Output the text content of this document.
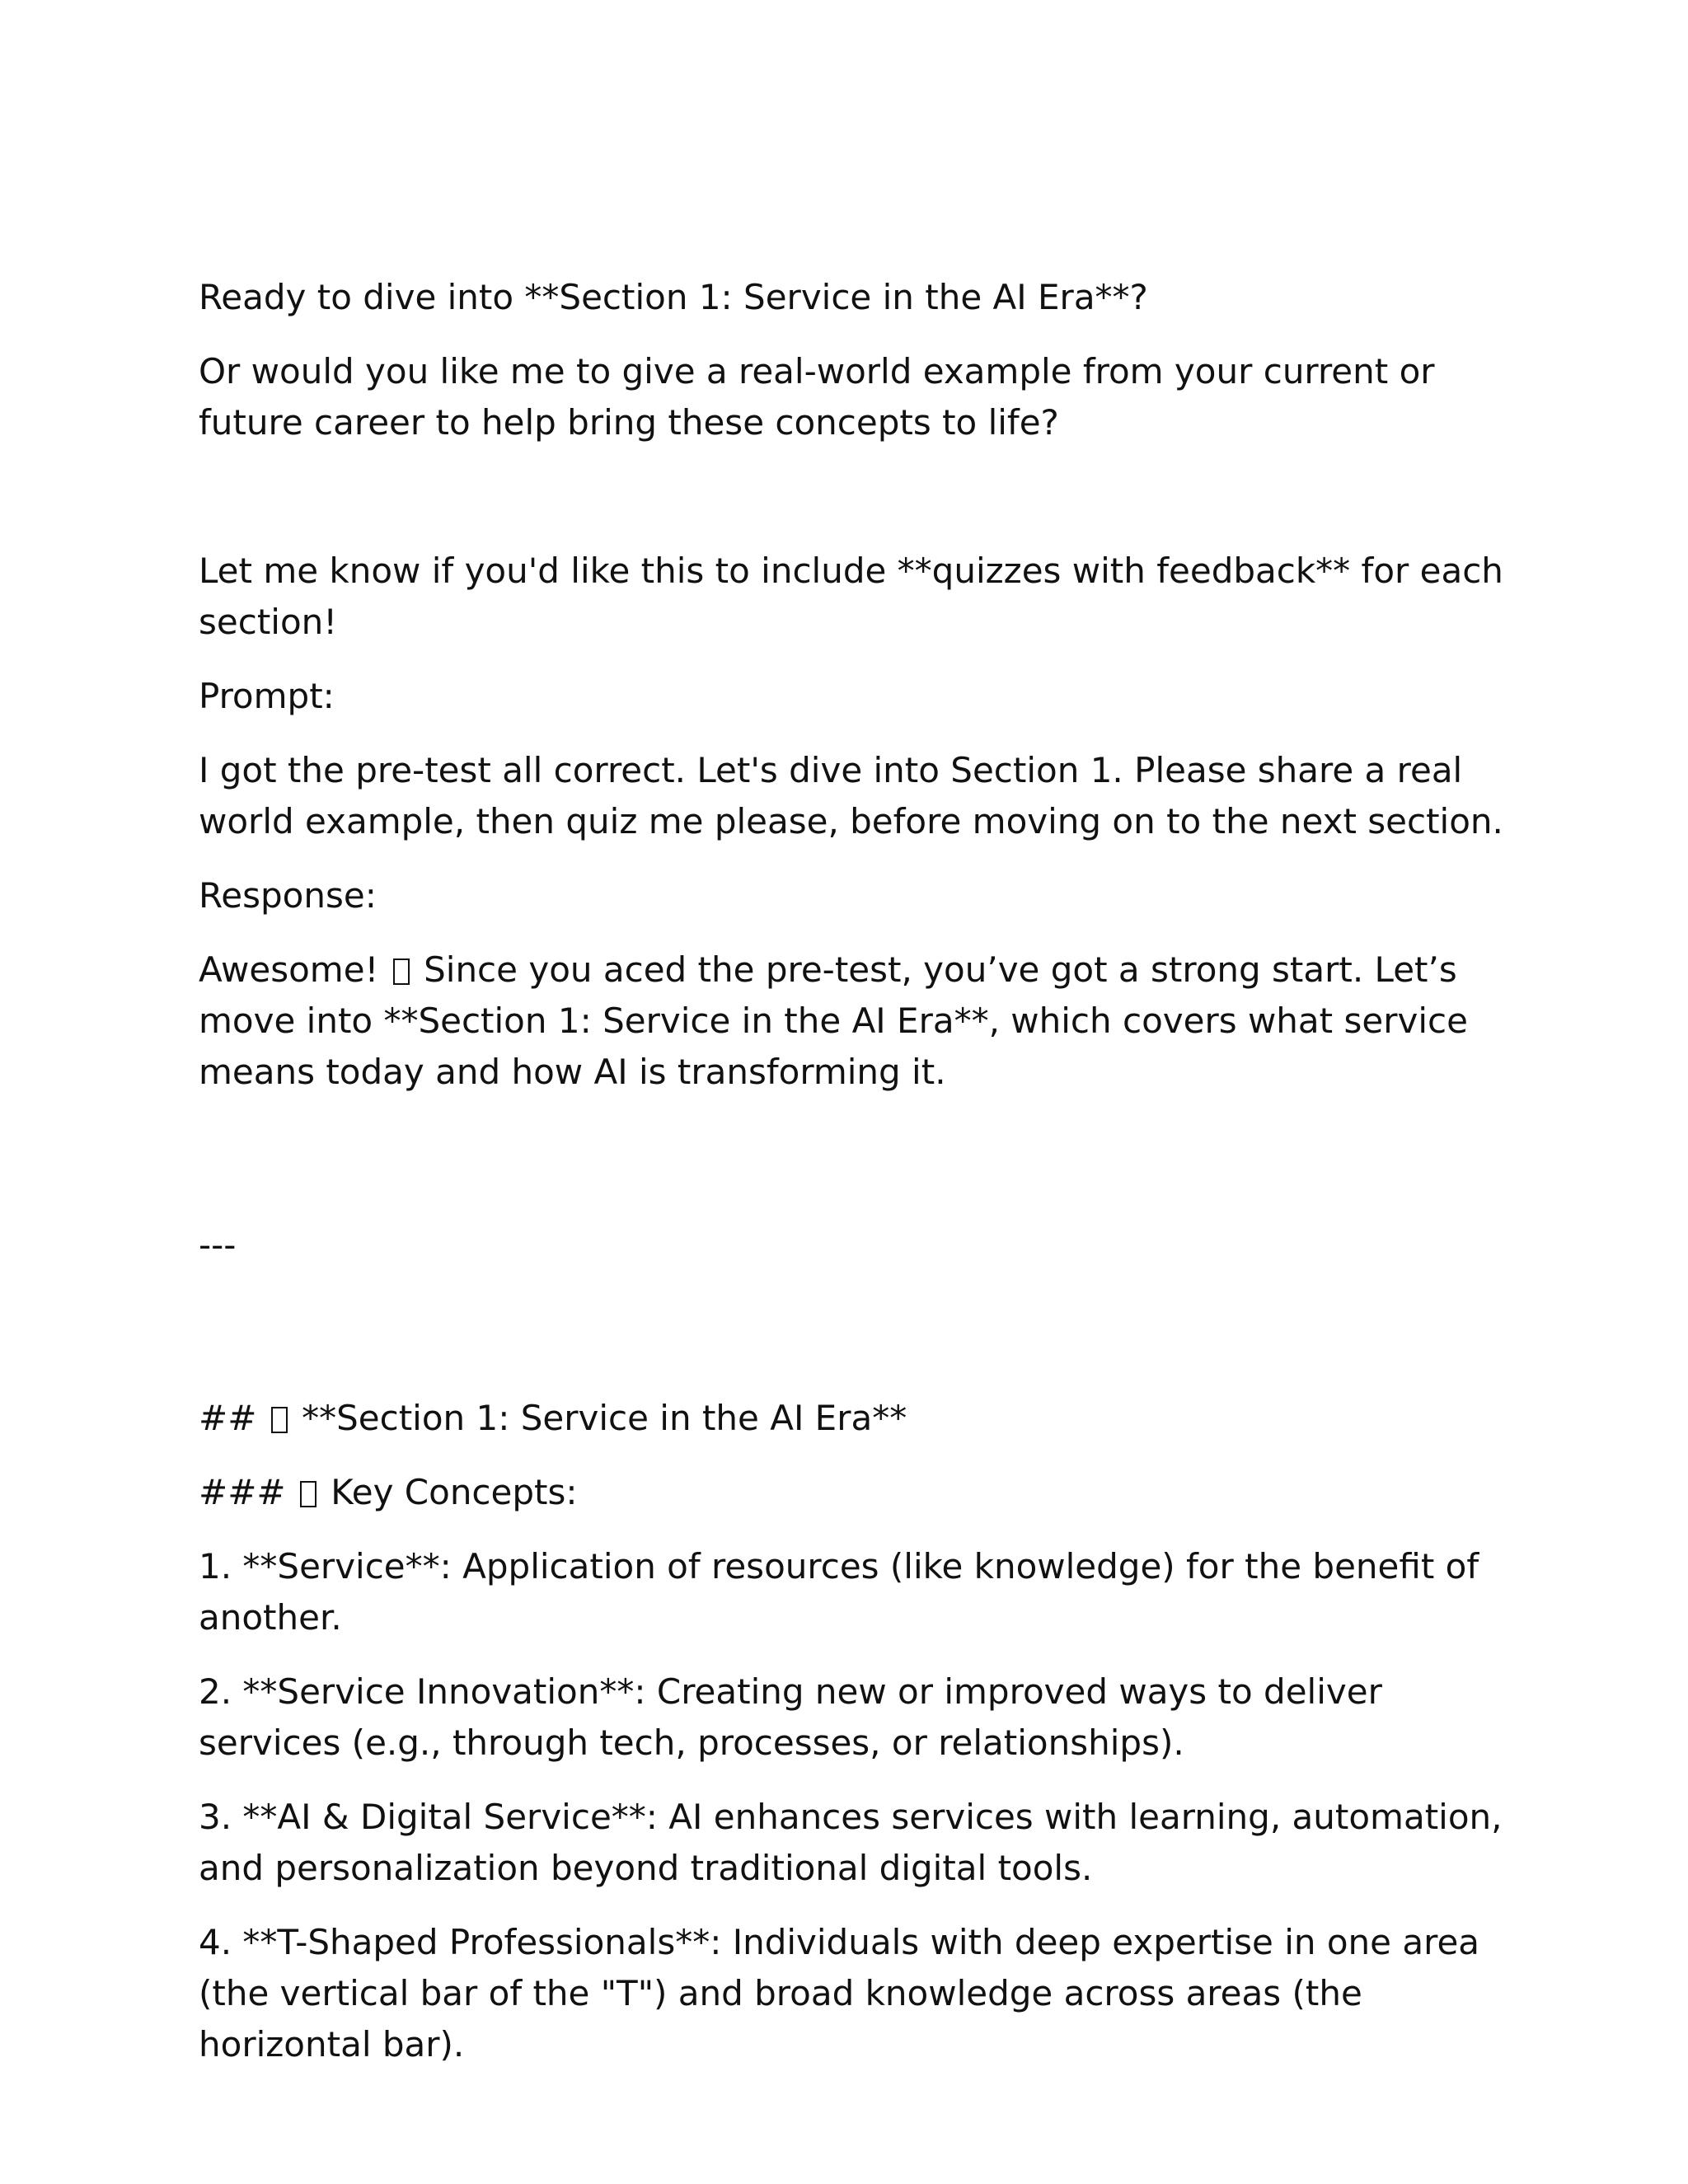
Ready to dive into **Section 1: Service in the AI Era**?

Or would you like me to give a real-world example from your current or future career to help bring these concepts to life?

Let me know if you'd like this to include **quizzes with feedback** for each section!

Prompt:

I got the pre-test all correct. Let's dive into Section 1. Please share a real world example, then quiz me please, before moving on to the next section.

Response:

Awesome! Since you aced the pre-test, you’ve got a strong start. Let’s move into **Section 1: Service in the AI Era**, which covers what service means today and how AI is transforming it.

---

## **Section 1: Service in the AI Era**

### Key Concepts:

1. **Service**: Application of resources (like knowledge) for the benefit of another.

2. **Service Innovation**: Creating new or improved ways to deliver services (e.g., through tech, processes, or relationships).

3. **AI & Digital Service**: AI enhances services with learning, automation, and personalization beyond traditional digital tools.

4. **T-Shaped Professionals**: Individuals with deep expertise in one area (the vertical bar of the "T") and broad knowledge across areas (the horizontal bar).
